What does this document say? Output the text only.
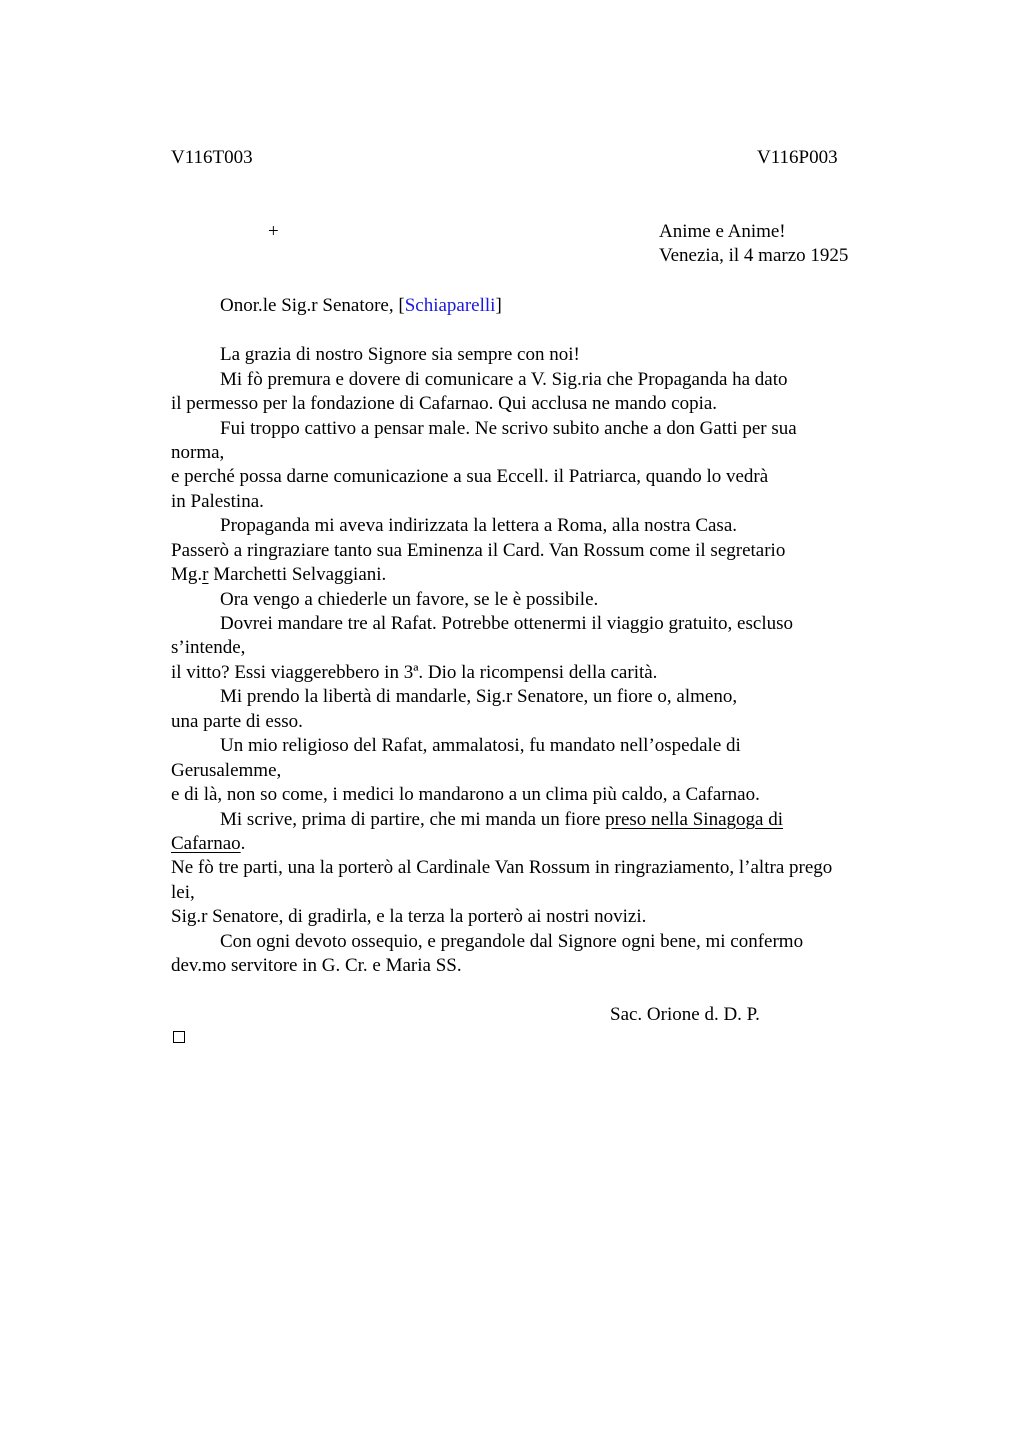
V116T003	V116P003
+	Anime e Anime!
Venezia, il 4 marzo 1925
Onor.le Sig.r Senatore, [Schiaparelli]
La grazia di nostro Signore sia sempre con noi!
Mi fò premura e dovere di comunicare a V. Sig.ria che Propaganda ha dato
il permesso per la fondazione di Cafarnao. Qui acclusa ne mando copia.
Fui troppo cattivo a pensar male. Ne scrivo subito anche a don Gatti per sua
norma,
e perché possa darne comunicazione a sua Eccell. il Patriarca, quando lo vedrà
in Palestina.
Propaganda mi aveva indirizzata la lettera a Roma, alla nostra Casa.
Passerò a ringraziare tanto sua Eminenza il Card. Van Rossum come il segretario
Mg.r Marchetti Selvaggiani.
Ora vengo a chiederle un favore, se le è possibile.
Dovrei mandare tre al Rafat. Potrebbe ottenermi il viaggio gratuito, escluso
s’intende,
il vitto? Essi viaggerebbero in 3ª. Dio la ricompensi della carità.
Mi prendo la libertà di mandarle, Sig.r Senatore, un fiore o, almeno,
una parte di esso.
Un mio religioso del Rafat, ammalatosi, fu mandato nell’ospedale di
Gerusalemme,
e di là, non so come, i medici lo mandarono a un clima più caldo, a Cafarnao.
Mi scrive, prima di partire, che mi manda un fiore preso nella Sinagoga di
Cafarnao.
Ne fò tre parti, una la porterò al Cardinale Van Rossum in ringraziamento, l’altra prego
lei,
Sig.r Senatore, di gradirla, e la terza la porterò ai nostri novizi.
Con ogni devoto ossequio, e pregandole dal Signore ogni bene, mi confermo
dev.mo servitore in G. Cr. e Maria SS.
Sac. Orione d. D. P.
